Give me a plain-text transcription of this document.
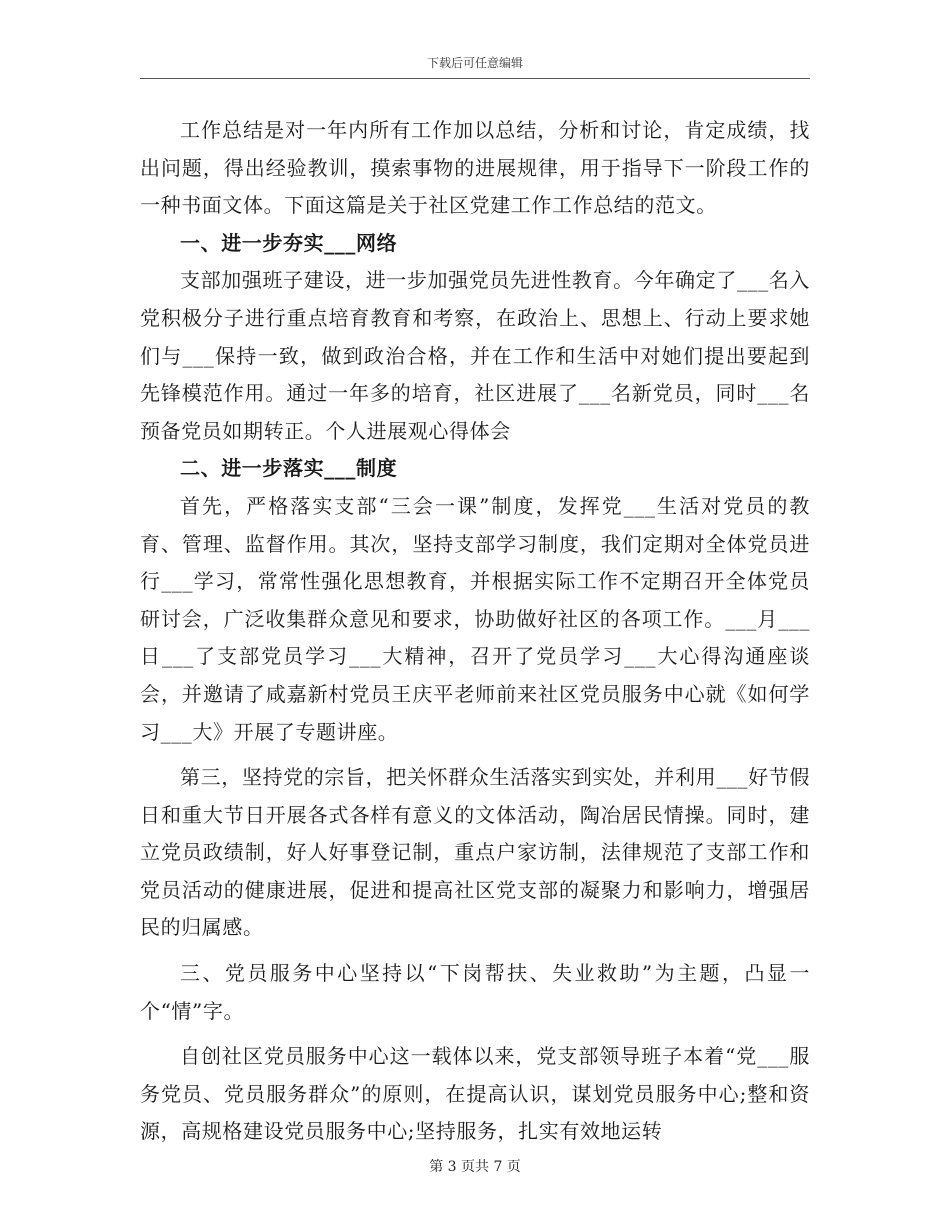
下载后可任意编辑

工作总结是对一年内所有工作加以总结，分析和讨论，肯定成绩，找出问题，得出经验教训，摸索事物的进展规律，用于指导下一阶段工作的一种书面文体。下面这篇是关于社区党建工作工作总结的范文。

一、进一步夯实___网络

支部加强班子建设，进一步加强党员先进性教育。今年确定了___名入党积极分子进行重点培育教育和考察，在政治上、思想上、行动上要求她们与___保持一致，做到政治合格，并在工作和生活中对她们提出要起到先锋模范作用。通过一年多的培育，社区进展了___名新党员，同时___名预备党员如期转正。个人进展观心得体会

二、进一步落实___制度

首先，严格落实支部“三会一课”制度，发挥党___生活对党员的教育、管理、监督作用。其次，坚持支部学习制度，我们定期对全体党员进行___学习，常常性强化思想教育，并根据实际工作不定期召开全体党员研讨会，广泛收集群众意见和要求，协助做好社区的各项工作。___月___日___了支部党员学习___大精神，召开了党员学习___大心得沟通座谈会，并邀请了咸嘉新村党员王庆平老师前来社区党员服务中心就《如何学习___大》开展了专题讲座。

第三，坚持党的宗旨，把关怀群众生活落实到实处，并利用___好节假日和重大节日开展各式各样有意义的文体活动，陶冶居民情操。同时，建立党员政绩制，好人好事登记制，重点户家访制，法律规范了支部工作和党员活动的健康进展，促进和提高社区党支部的凝聚力和影响力，增强居民的归属感。

三、党员服务中心坚持以“下岗帮扶、失业救助”为主题，凸显一个“情”字。

自创社区党员服务中心这一载体以来，党支部领导班子本着“党___服务党员、党员服务群众”的原则，在提高认识，谋划党员服务中心;整和资源，高规格建设党员服务中心;坚持服务，扎实有效地运转

第 3 页共 7 页
